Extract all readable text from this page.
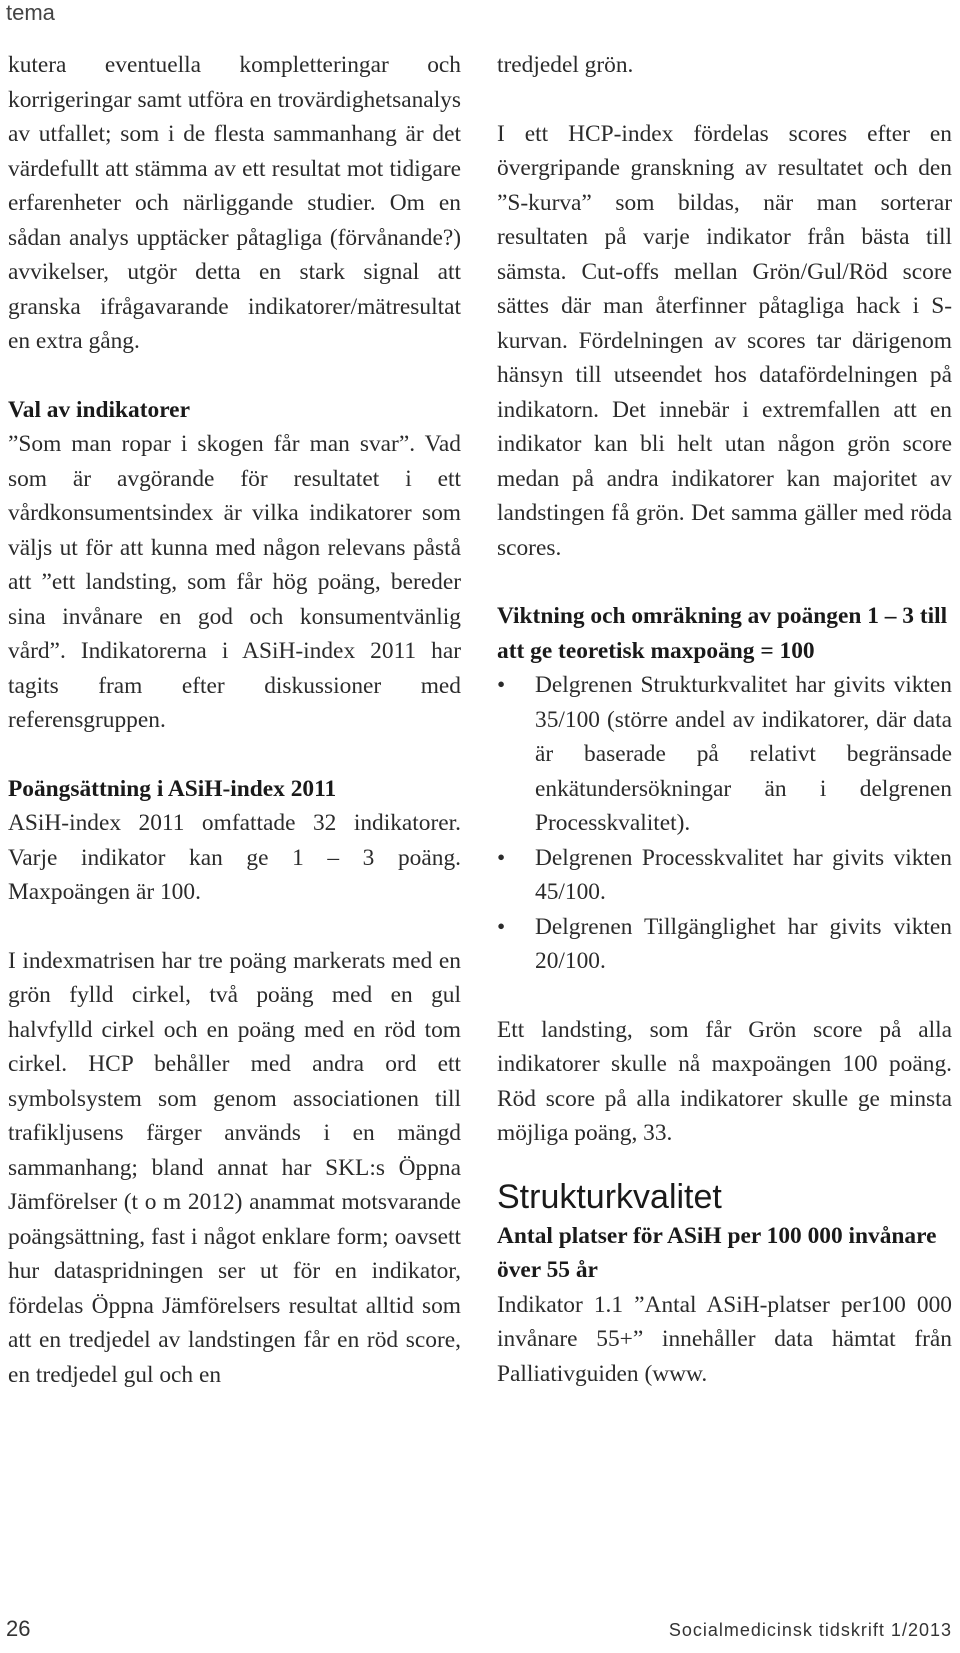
tema

kutera eventuella kompletteringar och korrigeringar samt utföra en trovärdighetsanalys av utfallet; som i de flesta sammanhang är det värdefullt att stämma av ett resultat mot tidigare erfarenheter och närliggande studier. Om en sådan analys upptäcker påtagliga (förvånande?) avvikelser, utgör detta en stark signal att granska ifrågavarande indikatorer/mätresultat en extra gång.

Val av indikatorer

”Som man ropar i skogen får man svar”. Vad som är avgörande för resultatet i ett vårdkonsumentsindex är vilka indikatorer som väljs ut för att kunna med någon relevans påstå att ”ett landsting, som får hög poäng, bereder sina invånare en god och konsumentvänlig vård”. Indikatorerna i ASiH-index 2011 har tagits fram efter diskussioner med referensgruppen.

Poängsättning i ASiH-index 2011

ASiH-index 2011 omfattade 32 indikatorer. Varje indikator kan ge 1 – 3 poäng. Maxpoängen är 100.

I indexmatrisen har tre poäng markerats med en grön fylld cirkel, två poäng med en gul halvfylld cirkel och en poäng med en röd tom cirkel. HCP behåller med andra ord ett symbolsystem som genom associationen till trafikljusens färger används i en mängd sammanhang; bland annat har SKL:s Öppna Jämförelser (t o m 2012) anammat motsvarande poängsättning, fast i något enklare form; oavsett hur dataspridningen ser ut för en indikator, fördelas Öppna Jämförelsers resultat alltid som att en tredjedel av landstingen får en röd score, en tredjedel gul och en

tredjedel grön.

I ett HCP-index fördelas scores efter en övergripande granskning av resultatet och den ”S-kurva” som bildas, när man sorterar resultaten på varje indikator från bästa till sämsta. Cut-offs mellan Grön/Gul/Röd score sättes där man återfinner påtagliga hack i S-kurvan. Fördelningen av scores tar därigenom hänsyn till utseendet hos datafördelningen på indikatorn. Det innebär i extremfallen att en indikator kan bli helt utan någon grön score medan på andra indikatorer kan majoritet av landstingen få grön. Det samma gäller med röda scores.

Viktning och omräkning av poängen 1 – 3 till att ge teoretisk maxpoäng = 100
• Delgrenen Strukturkvalitet har givits vikten 35/100 (större andel av indikatorer, där data är baserade på relativt begränsade enkätundersökningar än i delgrenen Processkvalitet).
• Delgrenen Processkvalitet har givits vikten 45/100.
• Delgrenen Tillgänglighet har givits vikten 20/100.

Ett landsting, som får Grön score på alla indikatorer skulle nå maxpoängen 100 poäng. Röd score på alla indikatorer skulle ge minsta möjliga poäng, 33.

Strukturkvalitet
Antal platser för ASiH per 100 000 invånare över 55 år

Indikator 1.1 ”Antal ASiH-platser per100 000 invånare 55+” innehåller data hämtat från Palliativguiden (www.

26	Socialmedicinsk tidskrift 1/2013
